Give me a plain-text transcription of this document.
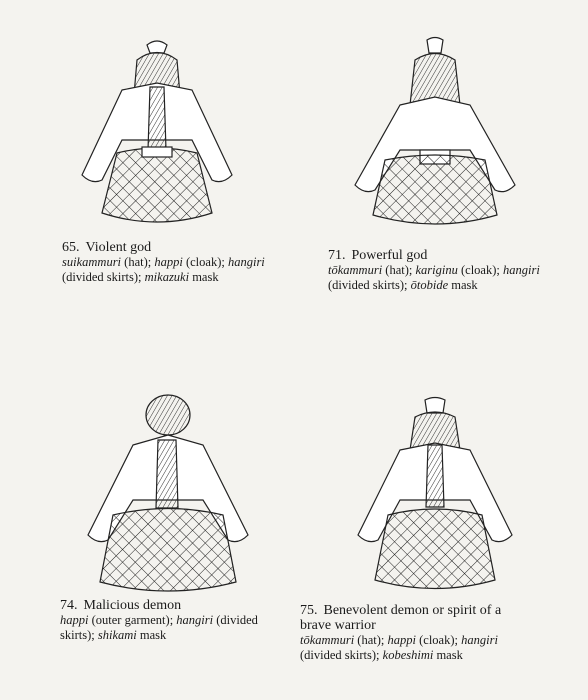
65. Violent god
suikammuri (hat); happi (cloak); hangiri (divided skirts); mikazuki mask
71. Powerful god
tōkammuri (hat); kariginu (cloak); hangiri (divided skirts); ōtobide mask
74. Malicious demon
happi (outer garment); hangiri (divided skirts); shikami mask
75. Benevolent demon or spirit of a brave warrior
tōkammuri (hat); happi (cloak); hangiri (divided skirts); kobeshimi mask
